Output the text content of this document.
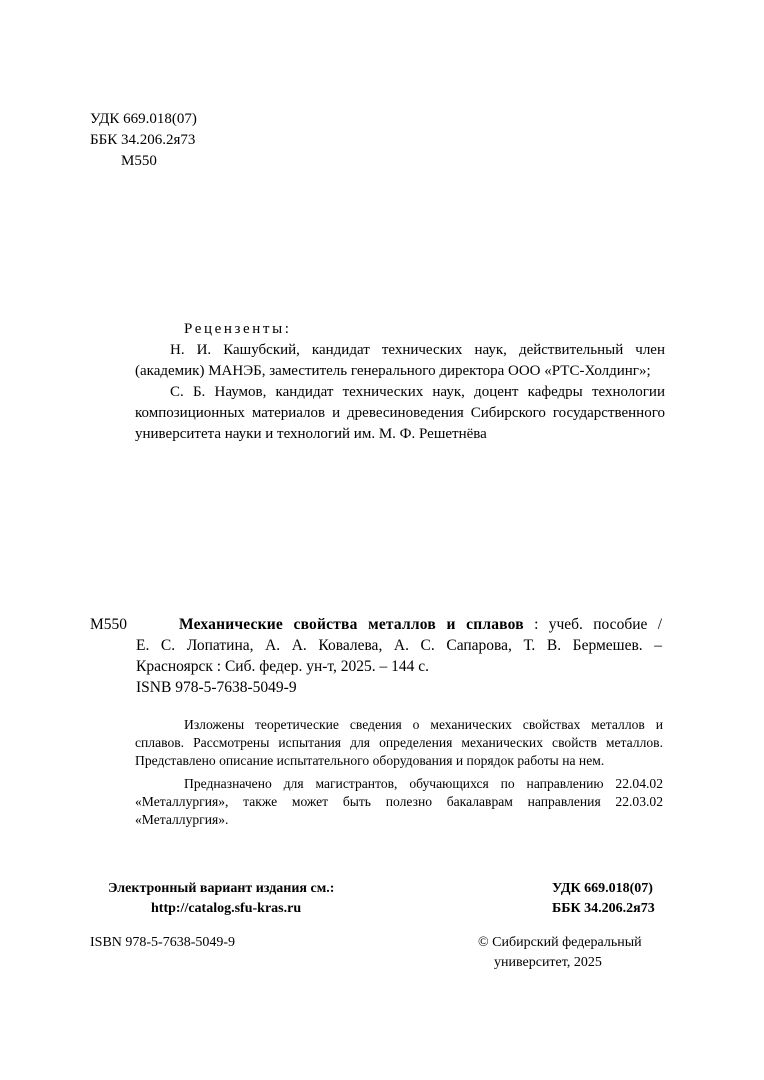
УДК 669.018(07)
ББК 34.206.2я73
М550
Рецензенты:

Н. И. Кашубский, кандидат технических наук, действительный член (академик) МАНЭБ, заместитель генерального директора ООО «РТС-Холдинг»;

С. Б. Наумов, кандидат технических наук, доцент кафедры технологии композиционных материалов и древесиноведения Сибирского государственного университета науки и технологий им. М. Ф. Решетнёва

М550	Механические свойства металлов и сплавов : учеб. пособие /
Е. С. Лопатина, А. А. Ковалева, А. С. Сапарова, Т. В. Бермешев. –
Красноярск : Сиб. федер. ун-т, 2025. – 144 с.
ISNB 978-5-7638-5049-9

Изложены теоретические сведения о механических свойствах металлов и сплавов. Рассмотрены испытания для определения механических свойств металлов. Представлено описание испытательного оборудования и порядок работы на нем.

Предназначено для магистрантов, обучающихся по направлению 22.04.02 «Металлургия», также может быть полезно бакалаврам направления 22.03.02 «Металлургия».

Электронный вариант издания см.:
http://catalog.sfu-kras.ru
УДК 669.018(07)
ББК 34.206.2я73
ISBN 978-5-7638-5049-9	© Сибирский федеральный
университет, 2025
